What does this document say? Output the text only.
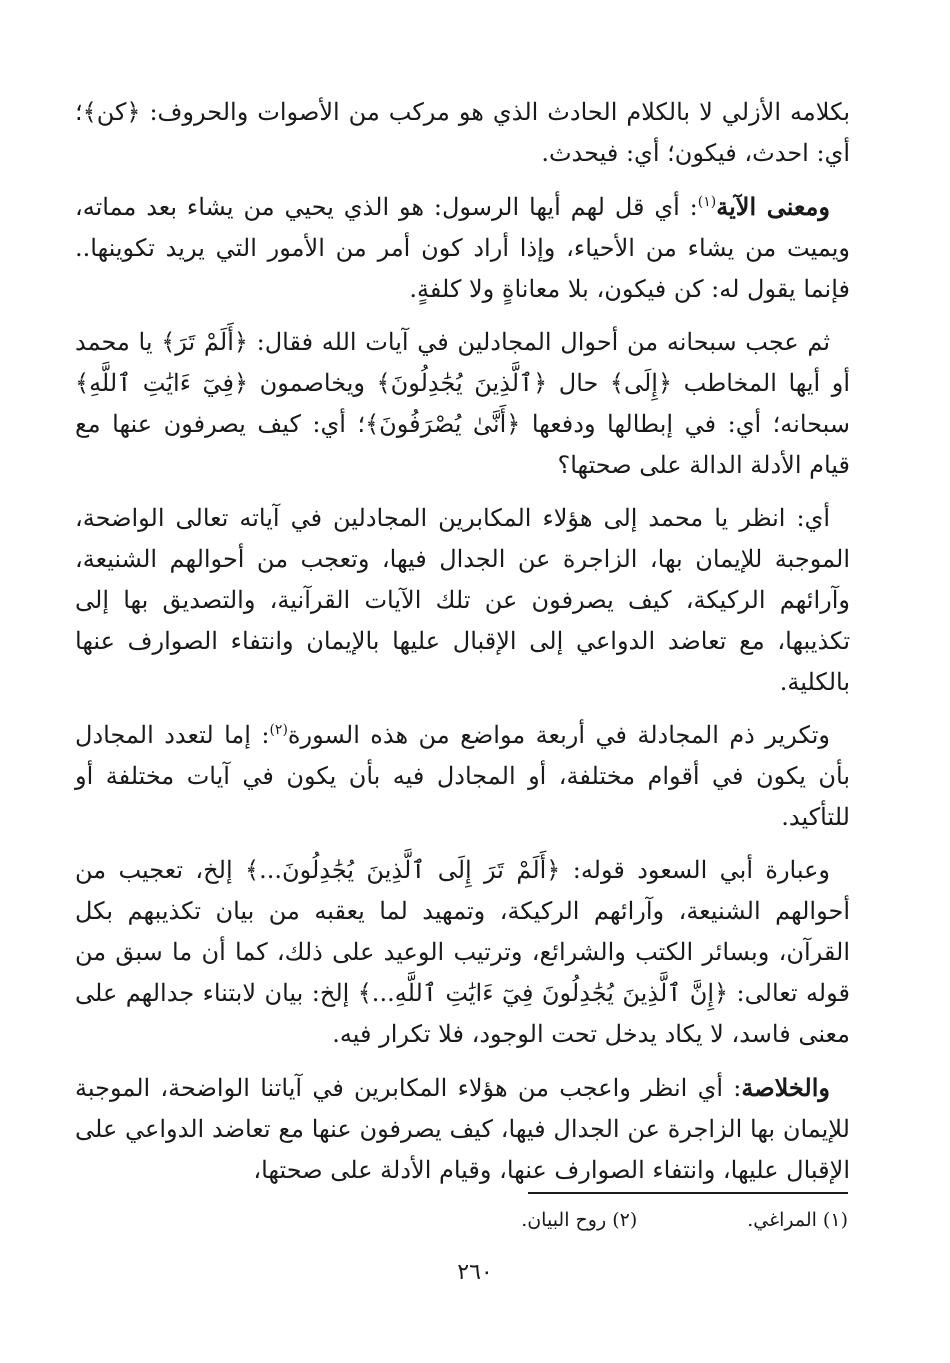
بكلامه الأزلي لا بالكلام الحادث الذي هو مركب من الأصوات والحروف: ﴿كن﴾؛ أي: احدث، فيكون؛ أي: فيحدث.

ومعنى الآية$^{(١)}$: أي قل لهم أيها الرسول: هو الذي يحيي من يشاء بعد مماته، ويميت من يشاء من الأحياء، وإذا أراد كون أمر من الأمور التي يريد تكوينها.. فإنما يقول له: كن فيكون، بلا معاناةٍ ولا كلفةٍ.

ثم عجب سبحانه من أحوال المجادلين في آيات الله فقال: ﴿أَلَمْ تَرَ﴾ يا محمد أو أيها المخاطب ﴿إِلَى﴾ حال ﴿ٱلَّذِينَ يُجَٰدِلُونَ﴾ ويخاصمون ﴿فِيٓ ءَايَٰتِ ٱللَّهِ﴾ سبحانه؛ أي: في إبطالها ودفعها ﴿أَنَّىٰ يُصْرَفُونَ﴾؛ أي: كيف يصرفون عنها مع قيام الأدلة الدالة على صحتها؟

أي: انظر يا محمد إلى هؤلاء المكابرين المجادلين في آياته تعالى الواضحة، الموجبة للإيمان بها، الزاجرة عن الجدال فيها، وتعجب من أحوالهم الشنيعة، وآرائهم الركيكة، كيف يصرفون عن تلك الآيات القرآنية، والتصديق بها إلى تكذيبها، مع تعاضد الدواعي إلى الإقبال عليها بالإيمان وانتفاء الصوارف عنها بالكلية.

وتكرير ذم المجادلة في أربعة مواضع من هذه السورة$^{(٢)}$: إما لتعدد المجادل بأن يكون في أقوام مختلفة، أو المجادل فيه بأن يكون في آيات مختلفة أو للتأكيد.

وعبارة أبي السعود قوله: ﴿أَلَمْ تَرَ إِلَى ٱلَّذِينَ يُجَٰدِلُونَ...﴾ إلخ، تعجيب من أحوالهم الشنيعة، وآرائهم الركيكة، وتمهيد لما يعقبه من بيان تكذيبهم بكل القرآن، وبسائر الكتب والشرائع، وترتيب الوعيد على ذلك، كما أن ما سبق من قوله تعالى: ﴿إِنَّ ٱلَّذِينَ يُجَٰدِلُونَ فِيٓ ءَايَٰتِ ٱللَّهِ...﴾ إلخ: بيان لابتناء جدالهم على معنى فاسد، لا يكاد يدخل تحت الوجود، فلا تكرار فيه.

والخلاصة: أي انظر واعجب من هؤلاء المكابرين في آياتنا الواضحة، الموجبة للإيمان بها الزاجرة عن الجدال فيها، كيف يصرفون عنها مع تعاضد الدواعي على الإقبال عليها، وانتفاء الصوارف عنها، وقيام الأدلة على صحتها،

(١) المراغي.
(٢) روح البيان.
٢٦٠
